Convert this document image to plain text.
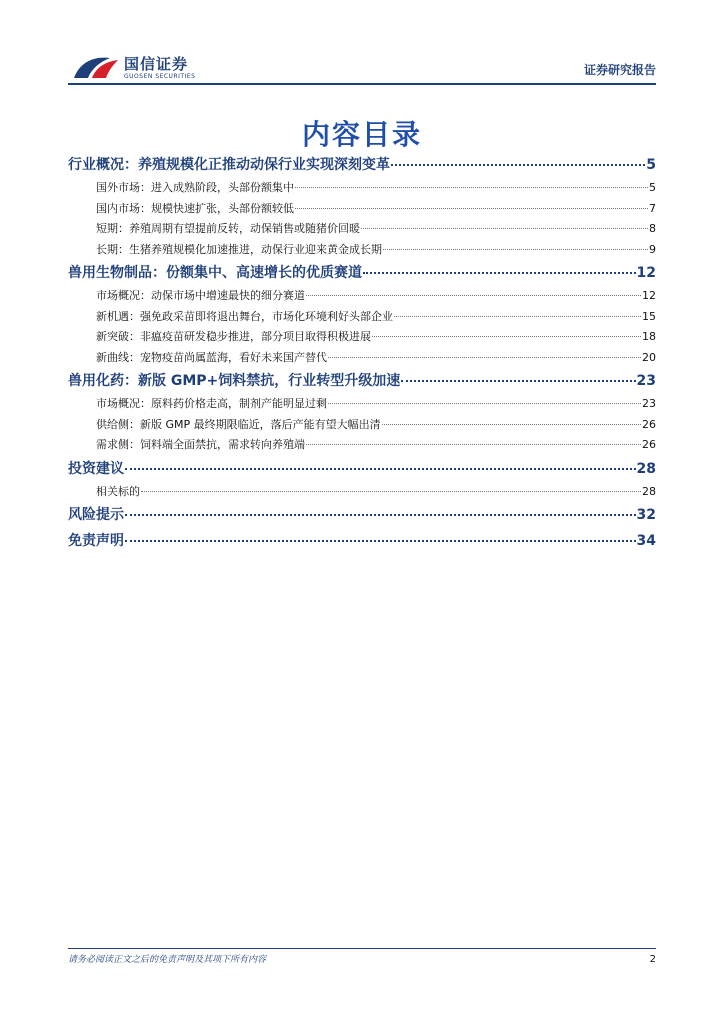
国信证券
GUOSEN SECURITIES	证券研究报告
内容目录
行业概况：养殖规模化正推动动保行业实现深刻变革	5
国外市场：进入成熟阶段，头部份额集中	5
国内市场：规模快速扩张，头部份额较低	7
短期：养殖周期有望提前反转，动保销售或随猪价回暖	8
长期：生猪养殖规模化加速推进，动保行业迎来黄金成长期	9
兽用生物制品：份额集中、高速增长的优质赛道	12
市场概况：动保市场中增速最快的细分赛道	12
新机遇：强免政采苗即将退出舞台，市场化环境利好头部企业	15
新突破：非瘟疫苗研发稳步推进，部分项目取得积极进展	18
新曲线：宠物疫苗尚属蓝海，看好未来国产替代	20
兽用化药：新版 GMP+饲料禁抗，行业转型升级加速	23
市场概况：原料药价格走高，制剂产能明显过剩	23
供给侧：新版 GMP 最终期限临近，落后产能有望大幅出清	26
需求侧：饲料端全面禁抗，需求转向养殖端	26
投资建议	28
相关标的	28
风险提示	32
免责声明	34
请务必阅读正文之后的免责声明及其项下所有内容	2
